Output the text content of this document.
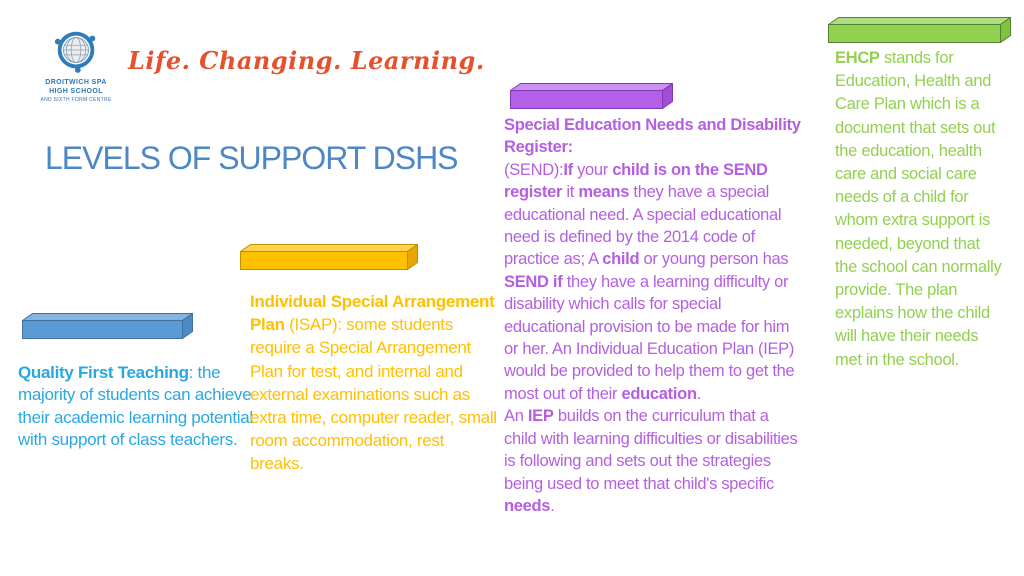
DROITWICH SPA
HIGH SCHOOL
AND SIXTH FORM CENTRE
Life. Changing. Learning.
LEVELS OF SUPPORT DSHS
Quality First Teaching: the majority of students can achieve their academic learning potential with support of class teachers.
Individual Special Arrangement Plan (ISAP): some students require a Special Arrangement Plan for test, and internal and external examinations such as extra time, computer reader, small room accommodation, rest breaks.
Special Education Needs and Disability Register:
(SEND):If your child is on the SEND register it means they have a special educational need. A special educational need is defined by the 2014 code of practice as; A child or young person has SEND if they have a learning difficulty or disability which calls for special educational provision to be made for him or her. An Individual Education Plan (IEP) would be provided to help them to get the most out of their education.
An IEP builds on the curriculum that a child with learning difficulties or disabilities is following and sets out the strategies being used to meet that child's specific needs.
EHCP stands for Education, Health and Care Plan which is a document that sets out the education, health care and social care needs of a child for whom extra support is needed, beyond that the school can normally provide. The plan explains how the child will have their needs met in the school.
